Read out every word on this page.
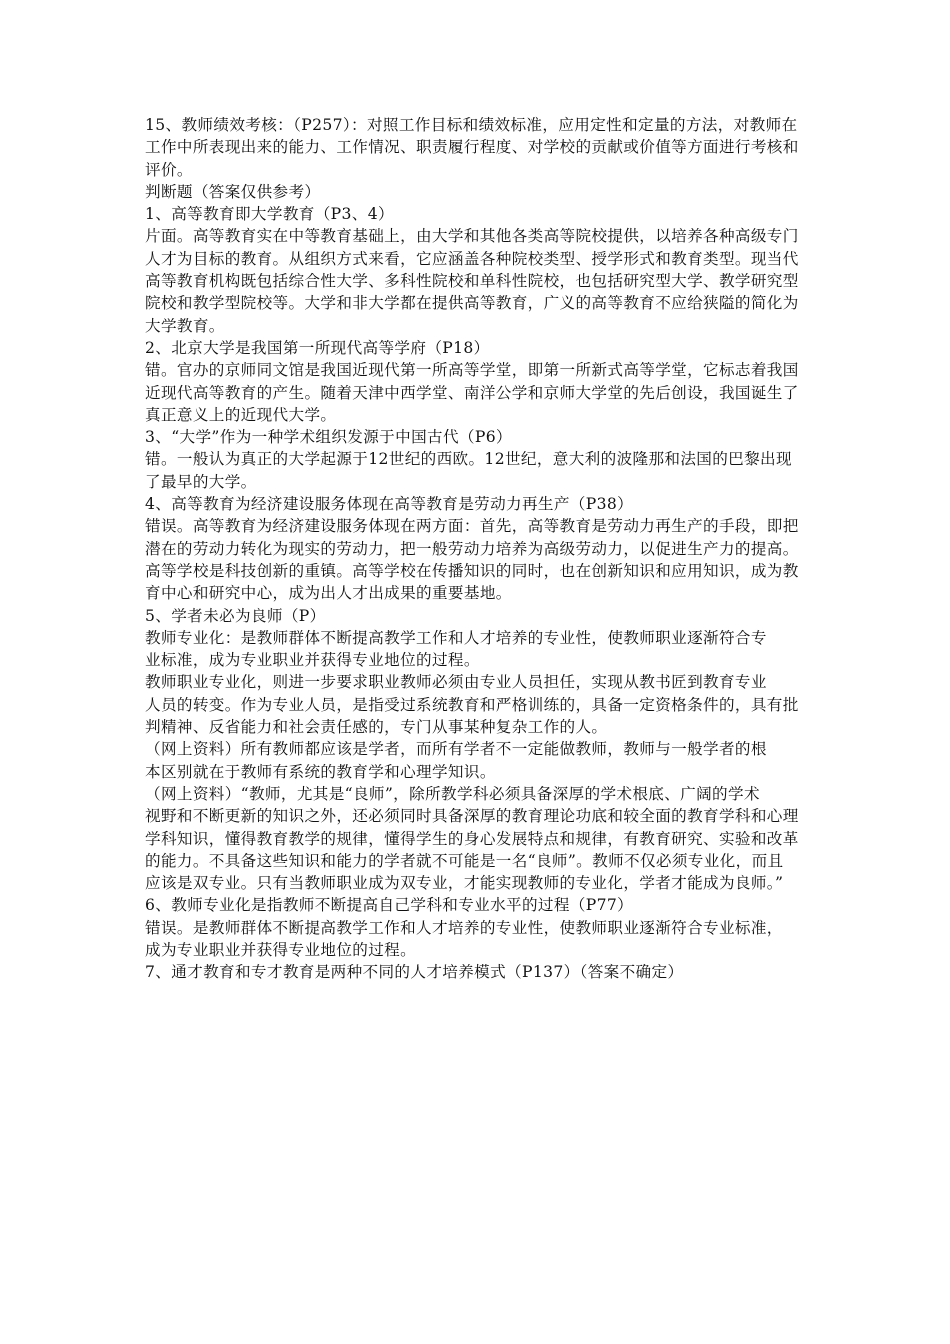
15、教师绩效考核：（P257）：对照工作目标和绩效标准，应用定性和定量的方法，对教师在工作中所表现出来的能力、工作情况、职责履行程度、对学校的贡献或价值等方面进行考核和评价。

判断题（答案仅供参考）

1、高等教育即大学教育（P3、4）

片面。高等教育实在中等教育基础上，由大学和其他各类高等院校提供，以培养各种高级专门人才为目标的教育。从组织方式来看，它应涵盖各种院校类型、授学形式和教育类型。现当代高等教育机构既包括综合性大学、多科性院校和单科性院校，也包括研究型大学、教学研究型院校和教学型院校等。大学和非大学都在提供高等教育，广义的高等教育不应给狭隘的简化为大学教育。

2、北京大学是我国第一所现代高等学府（P18）

错。官办的京师同文馆是我国近现代第一所高等学堂，即第一所新式高等学堂，它标志着我国近现代高等教育的产生。随着天津中西学堂、南洋公学和京师大学堂的先后创设，我国诞生了真正意义上的近现代大学。

3、“大学”作为一种学术组织发源于中国古代（P6）

错。一般认为真正的大学起源于12世纪的西欧。12世纪，意大利的波隆那和法国的巴黎出现了最早的大学。

4、高等教育为经济建设服务体现在高等教育是劳动力再生产（P38）

错误。高等教育为经济建设服务体现在两方面：首先，高等教育是劳动力再生产的手段，即把潜在的劳动力转化为现实的劳动力，把一般劳动力培养为高级劳动力，以促进生产力的提高。高等学校是科技创新的重镇。高等学校在传播知识的同时，也在创新知识和应用知识，成为教育中心和研究中心，成为出人才出成果的重要基地。

5、学者未必为良师（P）

教师专业化：是教师群体不断提高教学工作和人才培养的专业性，使教师职业逐渐符合专

业标准，成为专业职业并获得专业地位的过程。

教师职业专业化，则进一步要求职业教师必须由专业人员担任，实现从教书匠到教育专业

人员的转变。作为专业人员，是指受过系统教育和严格训练的，具备一定资格条件的，具有批

判精神、反省能力和社会责任感的，专门从事某种复杂工作的人。

（网上资料）所有教师都应该是学者，而所有学者不一定能做教师，教师与一般学者的根

本区别就在于教师有系统的教育学和心理学知识。

（网上资料）“教师，尤其是“良师”，除所教学科必须具备深厚的学术根底、广阔的学术

视野和不断更新的知识之外，还必须同时具备深厚的教育理论功底和较全面的教育学科和心理

学科知识，懂得教育教学的规律，懂得学生的身心发展特点和规律，有教育研究、实验和改革

的能力。不具备这些知识和能力的学者就不可能是一名“良师”。教师不仅必须专业化，而且

应该是双专业。只有当教师职业成为双专业，才能实现教师的专业化，学者才能成为良师。”

6、教师专业化是指教师不断提高自己学科和专业水平的过程（P77）

错误。是教师群体不断提高教学工作和人才培养的专业性，使教师职业逐渐符合专业标准，

成为专业职业并获得专业地位的过程。

7、通才教育和专才教育是两种不同的人才培养模式（P137）（答案不确定）
